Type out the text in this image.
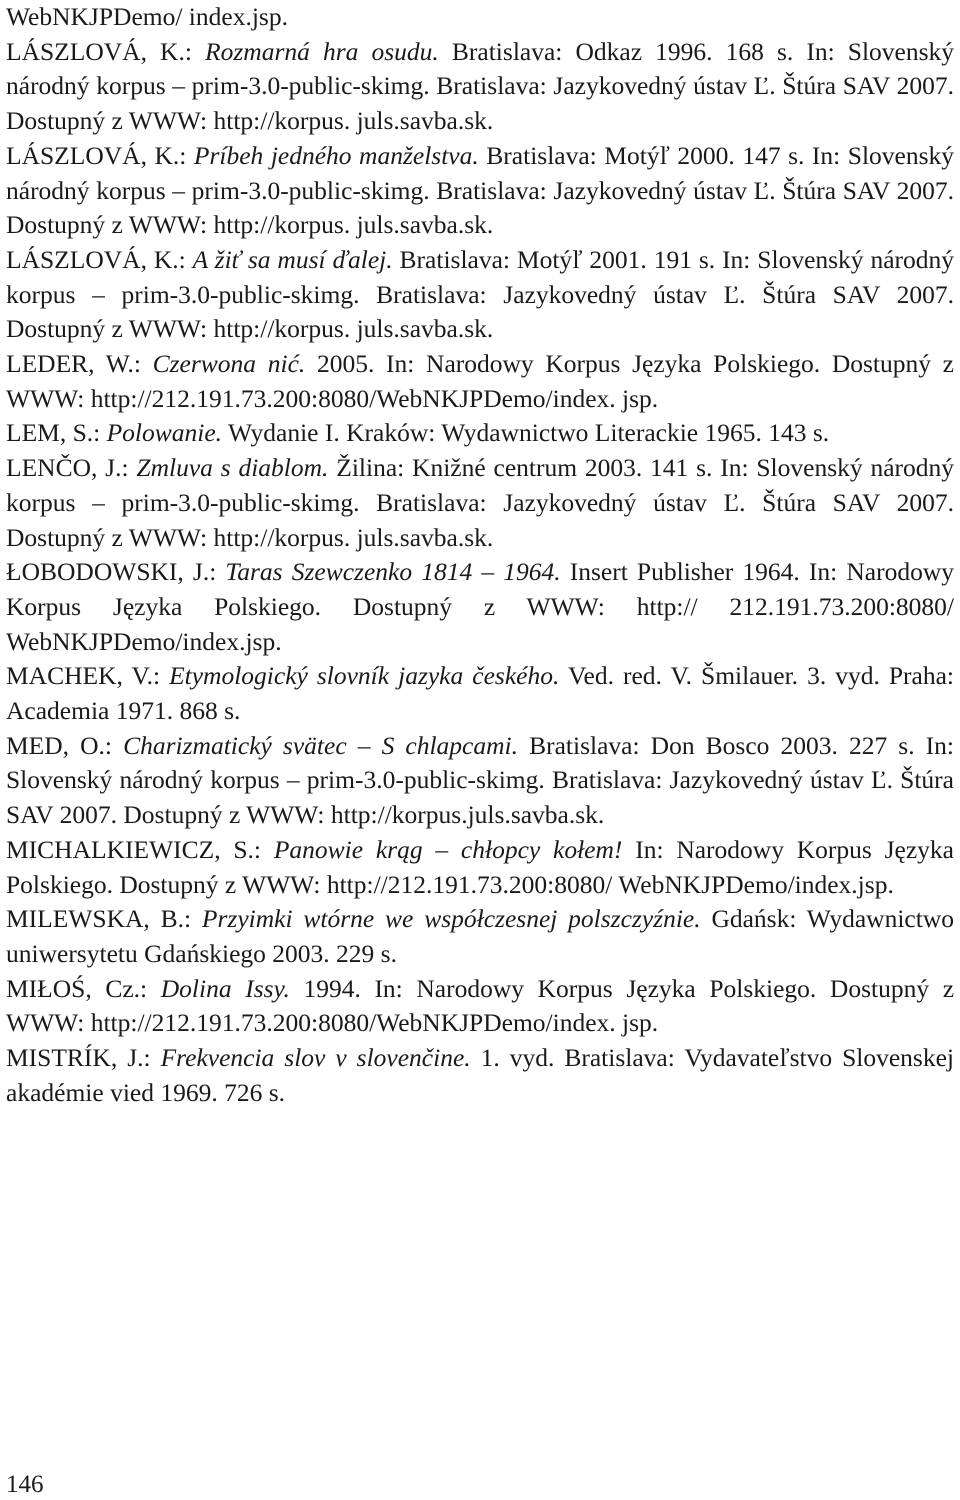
WebNKJPDemo/ index.jsp.

LÁSZLOVÁ, K.: Rozmarná hra osudu. Bratislava: Odkaz 1996. 168 s. In: Slovenský národný korpus – prim-3.0-public-skimg. Bratislava: Jazykovedný ústav Ľ. Štúra SAV 2007. Dostupný z WWW: http://korpus. juls.savba.sk.

LÁSZLOVÁ, K.: Príbeh jedného manželstva. Bratislava: Motýľ 2000. 147 s. In: Slovenský národný korpus – prim-3.0-public-skimg. Bratislava: Jazykovedný ústav Ľ. Štúra SAV 2007. Dostupný z WWW: http://korpus. juls.savba.sk.

LÁSZLOVÁ, K.: A žiť sa musí ďalej. Bratislava: Motýľ 2001. 191 s. In: Slovenský národný korpus – prim-3.0-public-skimg. Bratislava: Jazykovedný ústav Ľ. Štúra SAV 2007. Dostupný z WWW: http://korpus. juls.savba.sk.

LEDER, W.: Czerwona nić. 2005. In: Narodowy Korpus Języka Polskiego. Dostupný z WWW: http://212.191.73.200:8080/WebNKJPDemo/index. jsp.

LEM, S.: Polowanie. Wydanie I. Kraków: Wydawnictwo Literackie 1965. 143 s.

LENČO, J.: Zmluva s diablom. Žilina: Knižné centrum 2003. 141 s. In: Slovenský národný korpus – prim-3.0-public-skimg. Bratislava: Jazykovedný ústav Ľ. Štúra SAV 2007. Dostupný z WWW: http://korpus. juls.savba.sk.

ŁOBODOWSKI, J.: Taras Szewczenko 1814 – 1964. Insert Publisher 1964. In: Narodowy Korpus Języka Polskiego. Dostupný z WWW: http:// 212.191.73.200:8080/ WebNKJPDemo/index.jsp.

MACHEK, V.: Etymologický slovník jazyka českého. Ved. red. V. Šmilauer. 3. vyd. Praha: Academia 1971. 868 s.

MED, O.: Charizmatický svätec – S chlapcami. Bratislava: Don Bosco 2003. 227 s. In: Slovenský národný korpus – prim-3.0-public-skimg. Bratislava: Jazykovedný ústav Ľ. Štúra SAV 2007. Dostupný z WWW: http://korpus.juls.savba.sk.

MICHALKIEWICZ, S.: Panowie krąg – chłopcy kołem! In: Narodowy Korpus Języka Polskiego. Dostupný z WWW: http://212.191.73.200:8080/ WebNKJPDemo/index.jsp.

MILEWSKA, B.: Przyimki wtórne we współczesnej polszczyźnie. Gdańsk: Wydawnictwo uniwersytetu Gdańskiego 2003. 229 s.

MIŁOŚ, Cz.: Dolina Issy. 1994. In: Narodowy Korpus Języka Polskiego. Dostupný z WWW: http://212.191.73.200:8080/WebNKJPDemo/index. jsp.

MISTRÍK, J.: Frekvencia slov v slovenčine. 1. vyd. Bratislava: Vydavateľstvo Slovenskej akadémie vied 1969. 726 s.

146
